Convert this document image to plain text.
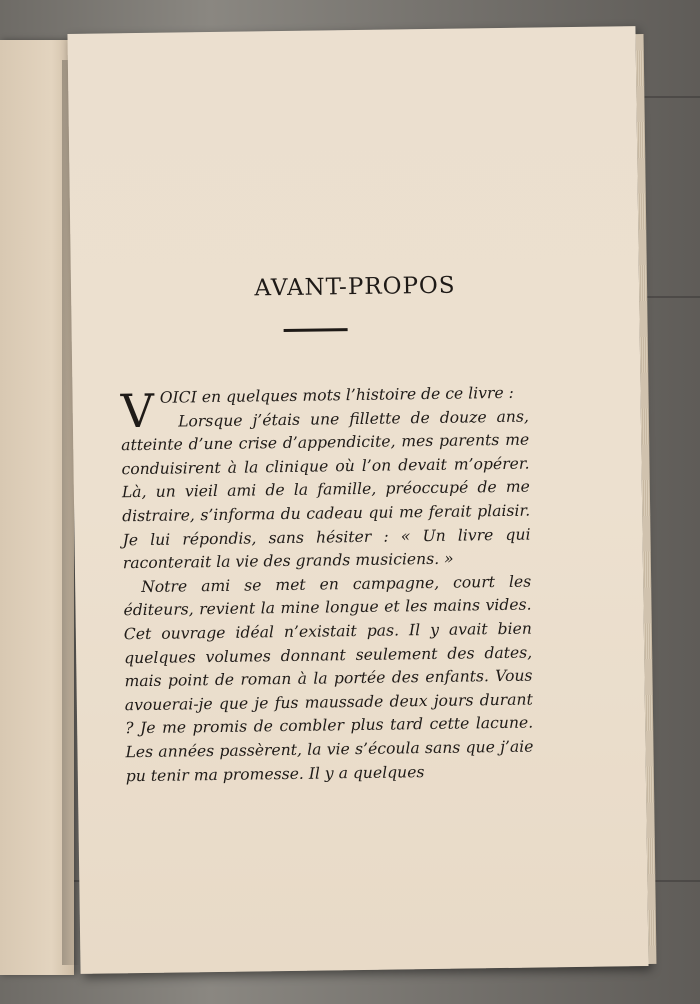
AVANT-PROPOS

V OICI en quelques mots l’histoire de ce livre :

Lorsque j’étais une fillette de douze ans, atteinte d’une crise d’appendicite, mes parents me conduisirent à la clinique où l’on devait m’opérer. Là, un vieil ami de la famille, préoccupé de me distraire, s’informa du cadeau qui me ferait plaisir. Je lui répondis, sans hésiter : « Un livre qui raconterait la vie des grands musiciens. »

Notre ami se met en campagne, court les éditeurs, revient la mine longue et les mains vides. Cet ouvrage idéal n’existait pas. Il y avait bien quelques volumes donnant seulement des dates, mais point de roman à la portée des enfants. Vous avouerai-je que je fus maussade deux jours durant ? Je me promis de combler plus tard cette lacune. Les années passèrent, la vie s’écoula sans que j’aie pu tenir ma promesse. Il y a quelques
